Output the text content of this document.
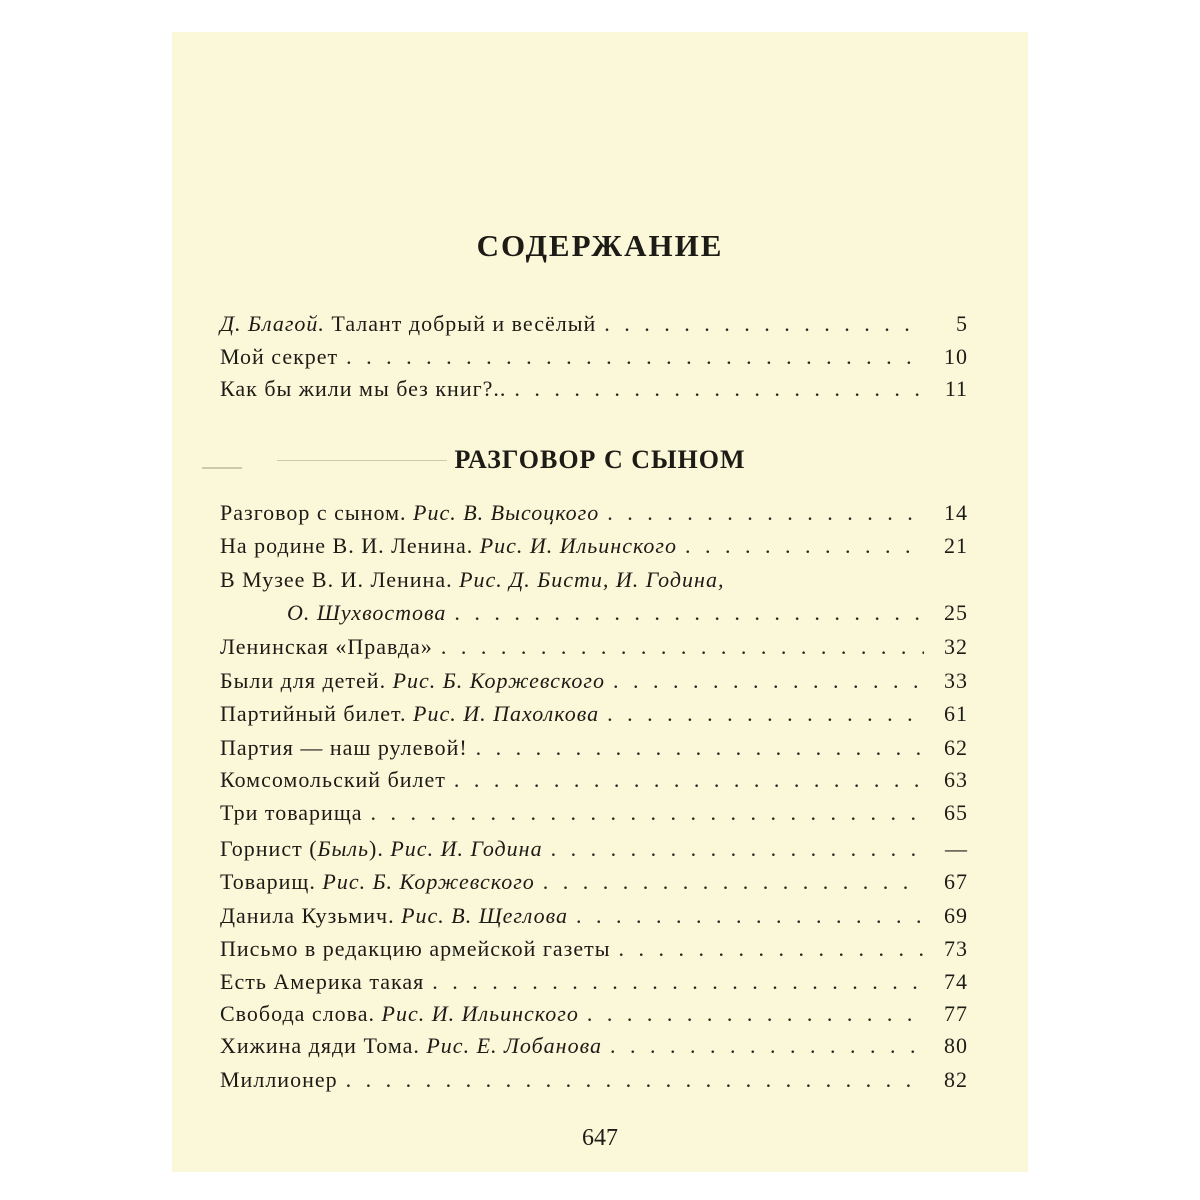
СОДЕРЖАНИЕ
Д. Благой. Талант добрый и весёлый . . .	5
Мой секрет . . .	10
Как бы жили мы без книг?.. . . .	11
РАЗГОВОР С СЫНОМ
Разговор с сыном. Рис. В. Высоцкого . . .	14
На родине В. И. Ленина. Рис. И. Ильинского . . .	21
В Музее В. И. Ленина. Рис. Д. Бисти, И. Година,
О. Шухвостова . . .	25
Ленинская «Правда» . . .	32
Были для детей. Рис. Б. Коржевского . . .	33
Партийный билет. Рис. И. Пахолкова . . .	61
Партия — наш рулевой! . . .	62
Комсомольский билет . . .	63
Три товарища . . .	65
Горнист (Быль). Рис. И. Година . . .	—
Товарищ. Рис. Б. Коржевского . . .	67
Данила Кузьмич. Рис. В. Щеглова . . .	69
Письмо в редакцию армейской газеты . . .	73
Есть Америка такая . . .	74
Свобода слова. Рис. И. Ильинского . . .	77
Хижина дяди Тома. Рис. Е. Лобанова . . .	80
Миллионер . . .	82
647
